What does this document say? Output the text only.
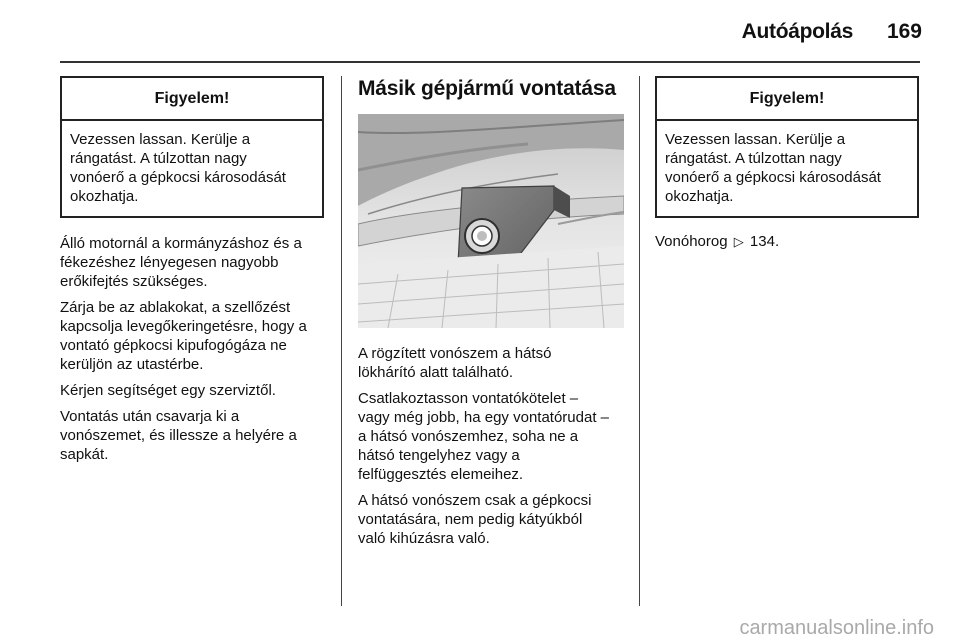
Autóápolás 169
Figyelem!
Vezessen lassan. Kerülje a
rángatást. A túlzottan nagy
vonóerő a gépkocsi károsodását
okozhatja.
Álló motornál a kormányzáshoz és a
fékezéshez lényegesen nagyobb
erőkifejtés szükséges.
Zárja be az ablakokat, a szellőzést
kapcsolja levegőkeringetésre, hogy a
vontató gépkocsi kipufogógáza ne
kerüljön az utastérbe.
Kérjen segítséget egy szerviztől.
Vontatás után csavarja ki a
vonószemet, és illessze a helyére a
sapkát.
Másik gépjármű vontatása
A rögzített vonószem a hátsó
lökhárító alatt található.
Csatlakoztasson vontatókötelet –
vagy még jobb, ha egy vontatórudat –
a hátsó vonószemhez, soha ne a
hátsó tengelyhez vagy a
felfüggesztés elemeihez.
A hátsó vonószem csak a gépkocsi
vontatására, nem pedig kátyúkból
való kihúzásra való.
Figyelem!
Vezessen lassan. Kerülje a
rángatást. A túlzottan nagy
vonóerő a gépkocsi károsodását
okozhatja.
Vonóhorog ▷ 134.
carmanualsonline.info
